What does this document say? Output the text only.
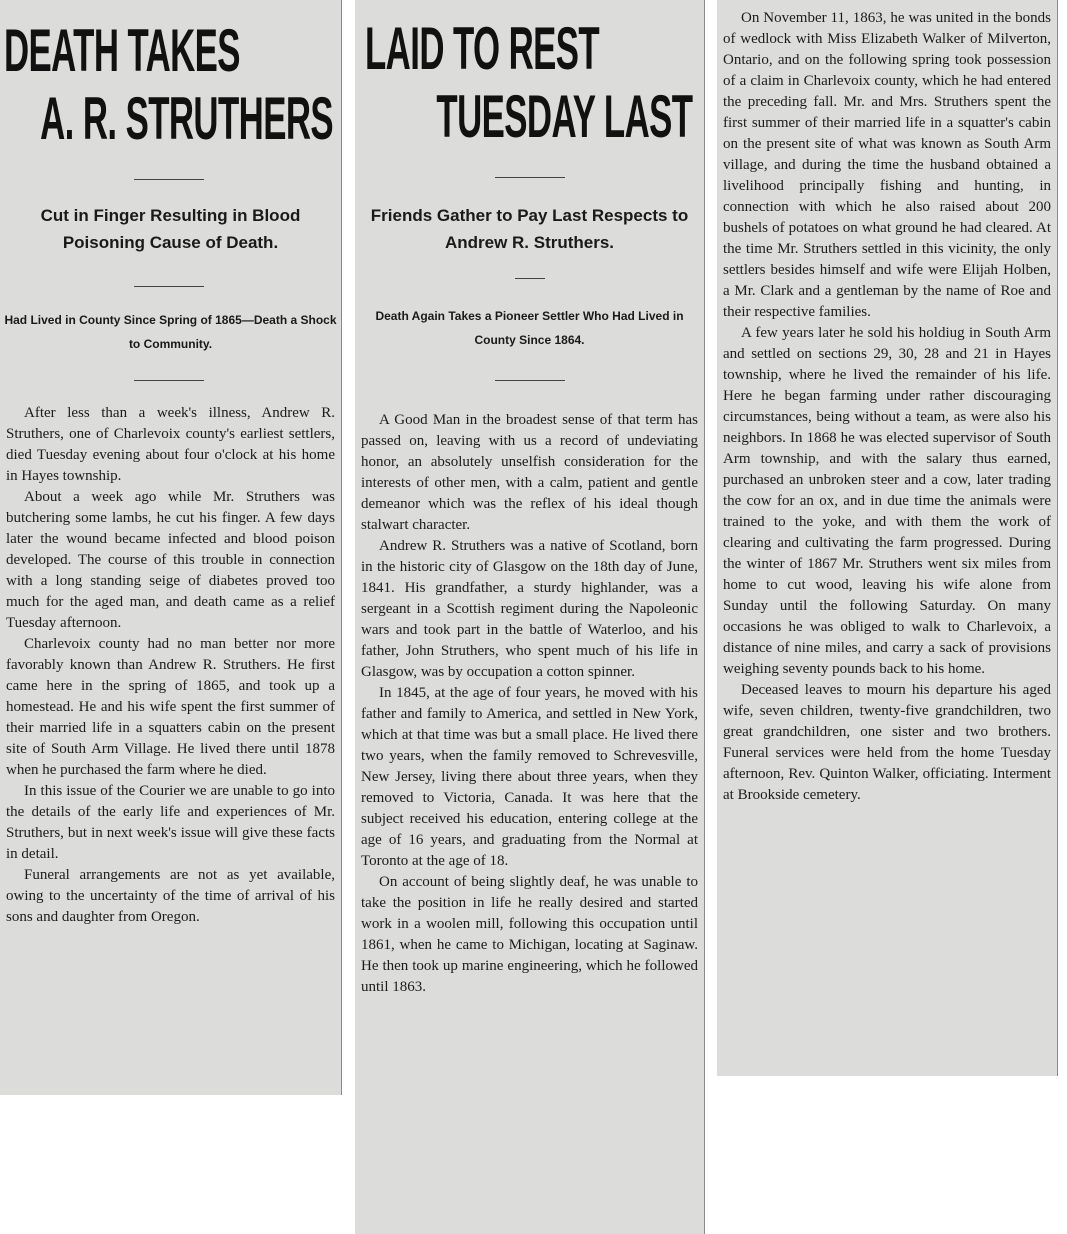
DEATH TAKES
A. R. STRUTHERS
Cut in Finger Resulting in Blood Poisoning Cause of Death.
Had Lived in County Since Spring of 1865—Death a Shock to Community.

After less than a week's illness, Andrew R. Struthers, one of Charlevoix county's earliest settlers, died Tuesday evening about four o'clock at his home in Hayes township.

About a week ago while Mr. Struthers was butchering some lambs, he cut his finger. A few days later the wound became infected and blood poison developed. The course of this trouble in connection with a long standing seige of diabetes proved too much for the aged man, and death came as a relief Tuesday afternoon.

Charlevoix county had no man better nor more favorably known than Andrew R. Struthers. He first came here in the spring of 1865, and took up a homestead. He and his wife spent the first summer of their married life in a squatters cabin on the present site of South Arm Village. He lived there until 1878 when he purchased the farm where he died.

In this issue of the Courier we are unable to go into the details of the early life and experiences of Mr. Struthers, but in next week's issue will give these facts in detail.

Funeral arrangements are not as yet available, owing to the uncertainty of the time of arrival of his sons and daughter from Oregon.

LAID TO REST
TUESDAY LAST
Friends Gather to Pay Last Respects to Andrew R. Struthers.
Death Again Takes a Pioneer Settler Who Had Lived in County Since 1864.

A Good Man in the broadest sense of that term has passed on, leaving with us a record of undeviating honor, an absolutely unselfish consideration for the interests of other men, with a calm, patient and gentle demeanor which was the reflex of his ideal though stalwart character.

Andrew R. Struthers was a native of Scotland, born in the historic city of Glasgow on the 18th day of June, 1841. His grandfather, a sturdy highlander, was a sergeant in a Scottish regiment during the Napoleonic wars and took part in the battle of Waterloo, and his father, John Struthers, who spent much of his life in Glasgow, was by occupation a cotton spinner.

In 1845, at the age of four years, he moved with his father and family to America, and settled in New York, which at that time was but a small place. He lived there two years, when the family removed to Schrevesville, New Jersey, living there about three years, when they removed to Victoria, Canada. It was here that the subject received his education, entering college at the age of 16 years, and graduating from the Normal at Toronto at the age of 18.

On account of being slightly deaf, he was unable to take the position in life he really desired and started work in a woolen mill, following this occupation until 1861, when he came to Michigan, locating at Saginaw. He then took up marine engineering, which he followed until 1863.

On November 11, 1863, he was united in the bonds of wedlock with Miss Elizabeth Walker of Milverton, Ontario, and on the following spring took possession of a claim in Charlevoix county, which he had entered the preceding fall. Mr. and Mrs. Struthers spent the first summer of their married life in a squatter's cabin on the present site of what was known as South Arm village, and during the time the husband obtained a livelihood principally fishing and hunting, in connection with which he also raised about 200 bushels of potatoes on what ground he had cleared. At the time Mr. Struthers settled in this vicinity, the only settlers besides himself and wife were Elijah Holben, a Mr. Clark and a gentleman by the name of Roe and their respective families.

A few years later he sold his holdiug in South Arm and settled on sections 29, 30, 28 and 21 in Hayes township, where he lived the remainder of his life. Here he began farming under rather discouraging circumstances, being without a team, as were also his neighbors. In 1868 he was elected supervisor of South Arm township, and with the salary thus earned, purchased an unbroken steer and a cow, later trading the cow for an ox, and in due time the animals were trained to the yoke, and with them the work of clearing and cultivating the farm progressed. During the winter of 1867 Mr. Struthers went six miles from home to cut wood, leaving his wife alone from Sunday until the following Saturday. On many occasions he was obliged to walk to Charlevoix, a distance of nine miles, and carry a sack of provisions weighing seventy pounds back to his home.

Deceased leaves to mourn his departure his aged wife, seven children, twenty-five grandchildren, two great grandchildren, one sister and two brothers. Funeral services were held from the home Tuesday afternoon, Rev. Quinton Walker, officiating. Interment at Brookside cemetery.
